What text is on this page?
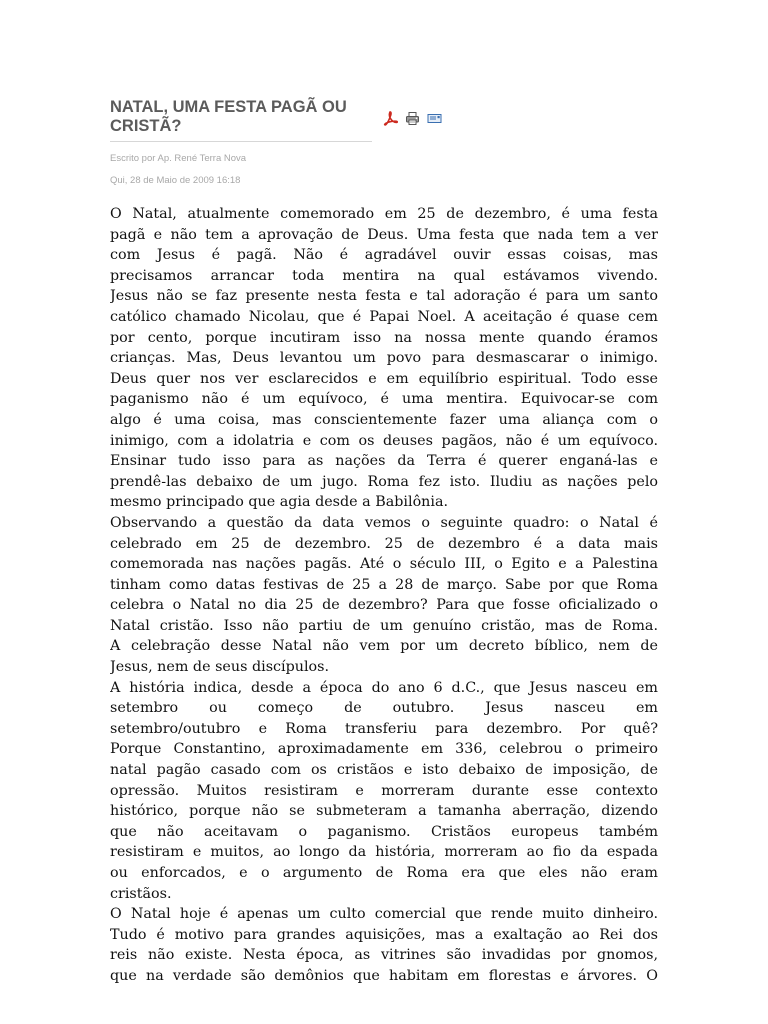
NATAL, UMA FESTA PAGÃ OU CRISTÃ?
Escrito por Ap. René Terra Nova
Qui, 28 de Maio de 2009 16:18
O Natal, atualmente comemorado em 25 de dezembro, é uma festa
pagã e não tem a aprovação de Deus. Uma festa que nada tem a ver
com Jesus é pagã. Não é agradável ouvir essas coisas, mas
precisamos arrancar toda mentira na qual estávamos vivendo.
Jesus não se faz presente nesta festa e tal adoração é para um santo
católico chamado Nicolau, que é Papai Noel. A aceitação é quase cem
por cento, porque incutiram isso na nossa mente quando éramos
crianças. Mas, Deus levantou um povo para desmascarar o inimigo.
Deus quer nos ver esclarecidos e em equilíbrio espiritual. Todo esse
paganismo não é um equívoco, é uma mentira. Equivocar-se com
algo é uma coisa, mas conscientemente fazer uma aliança com o
inimigo, com a idolatria e com os deuses pagãos, não é um equívoco.
Ensinar tudo isso para as nações da Terra é querer enganá-las e
prendê-las debaixo de um jugo. Roma fez isto. Iludiu as nações pelo
mesmo principado que agia desde a Babilônia.
Observando a questão da data vemos o seguinte quadro: o Natal é
celebrado em 25 de dezembro. 25 de dezembro é a data mais
comemorada nas nações pagãs. Até o século III, o Egito e a Palestina
tinham como datas festivas de 25 a 28 de março. Sabe por que Roma
celebra o Natal no dia 25 de dezembro? Para que fosse oficializado o
Natal cristão. Isso não partiu de um genuíno cristão, mas de Roma.
A celebração desse Natal não vem por um decreto bíblico, nem de
Jesus, nem de seus discípulos.
A história indica, desde a época do ano 6 d.C., que Jesus nasceu em
setembro ou começo de outubro. Jesus nasceu em
setembro/outubro e Roma transferiu para dezembro. Por quê?
Porque Constantino, aproximadamente em 336, celebrou o primeiro
natal pagão casado com os cristãos e isto debaixo de imposição, de
opressão. Muitos resistiram e morreram durante esse contexto
histórico, porque não se submeteram a tamanha aberração, dizendo
que não aceitavam o paganismo. Cristãos europeus também
resistiram e muitos, ao longo da história, morreram ao fio da espada
ou enforcados, e o argumento de Roma era que eles não eram
cristãos.
O Natal hoje é apenas um culto comercial que rende muito dinheiro.
Tudo é motivo para grandes aquisições, mas a exaltação ao Rei dos
reis não existe. Nesta época, as vitrines são invadidas por gnomos,
que na verdade são demônios que habitam em florestas e árvores. O
